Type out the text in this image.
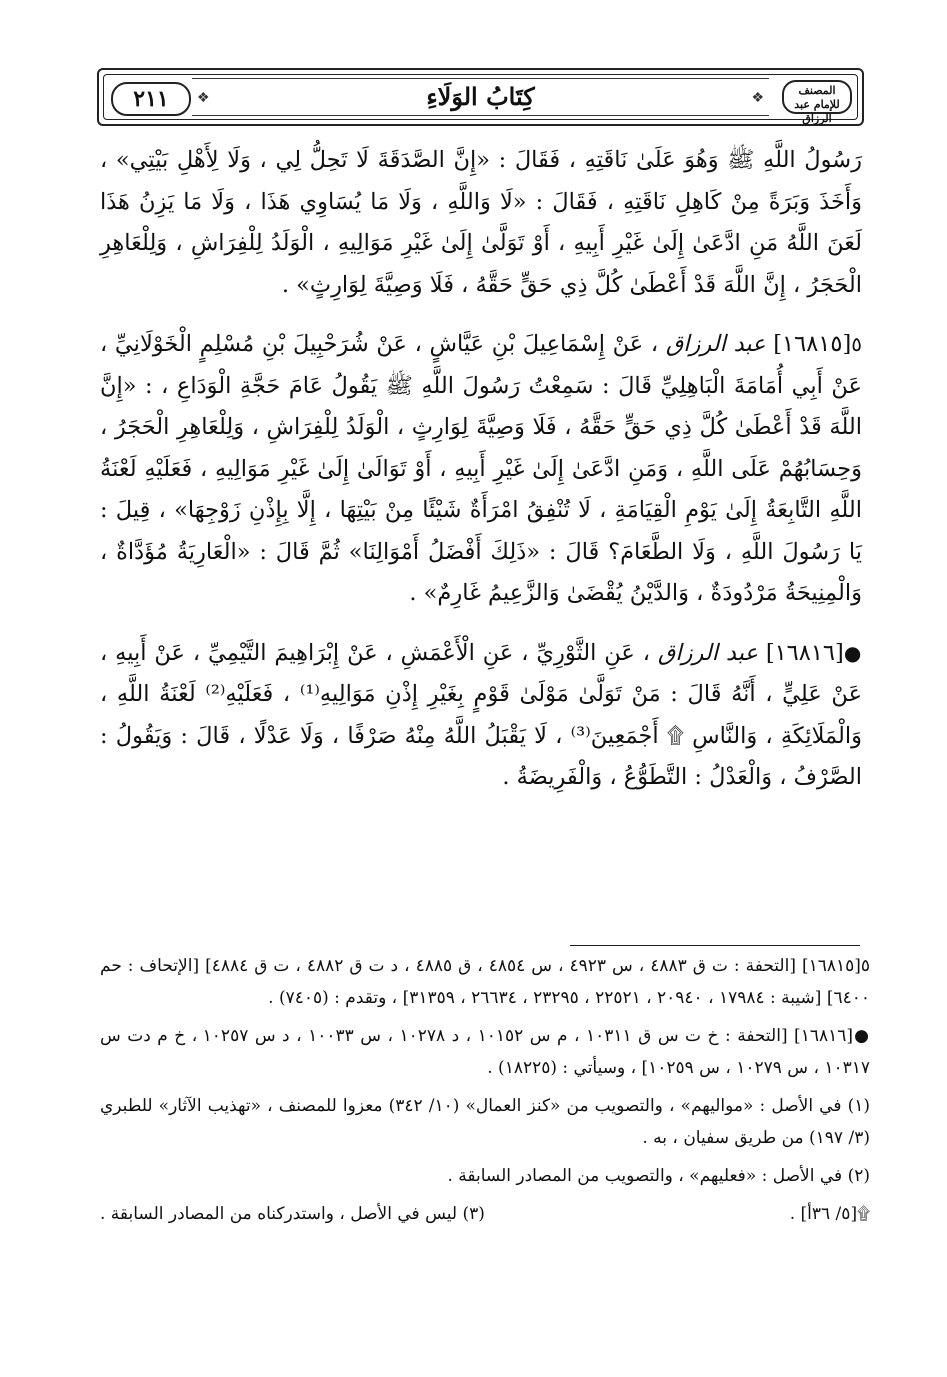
❖	❖
كِتَابُ الوَلَاءِ
٢١١	المصنف
للإمام عبد الرزاق

رَسُولُ اللَّهِ ﷺ وَهُوَ عَلَىٰ نَاقَتِهِ ، فَقَالَ : «إِنَّ الصَّدَقَةَ لَا تَحِلُّ لِي ، وَلَا لِأَهْلِ بَيْتِي» ، وَأَخَذَ وَبَرَةً مِنْ كَاهِلِ نَاقَتِهِ ، فَقَالَ : «لَا وَاللَّهِ ، وَلَا مَا يُسَاوِي هَذَا ، وَلَا مَا يَزِنُ هَذَا لَعَنَ اللَّهُ مَنِ ادَّعَىٰ إِلَىٰ غَيْرِ أَبِيهِ ، أَوْ تَوَلَّىٰ إِلَىٰ غَيْرِ مَوَالِيهِ ، الْوَلَدُ لِلْفِرَاشِ ، وَلِلْعَاهِرِ الْحَجَرُ ، إِنَّ اللَّهَ قَدْ أَعْطَىٰ كُلَّ ذِي حَقٍّ حَقَّهُ ، فَلَا وَصِيَّةَ لِوَارِثٍ» .

٥[١٦٨١٥] عبد الرزاق ، عَنْ إِسْمَاعِيلَ بْنِ عَيَّاشٍ ، عَنْ شُرَحْبِيلَ بْنِ مُسْلِمٍ الْخَوْلَانِيِّ ، عَنْ أَبِي أُمَامَةَ الْبَاهِلِيِّ قَالَ : سَمِعْتُ رَسُولَ اللَّهِ ﷺ يَقُولُ عَامَ حَجَّةِ الْوَدَاعِ ، : «إِنَّ اللَّهَ قَدْ أَعْطَىٰ كُلَّ ذِي حَقٍّ حَقَّهُ ، فَلَا وَصِيَّةَ لِوَارِثٍ ، الْوَلَدُ لِلْفِرَاشِ ، وَلِلْعَاهِرِ الْحَجَرُ ، وَحِسَابُهُمْ عَلَى اللَّهِ ، وَمَنِ ادَّعَىٰ إِلَىٰ غَيْرِ أَبِيهِ ، أَوْ تَوَالَىٰ إِلَىٰ غَيْرِ مَوَالِيهِ ، فَعَلَيْهِ لَعْنَةُ اللَّهِ التَّابِعَةُ إِلَىٰ يَوْمِ الْقِيَامَةِ ، لَا تُنْفِقُ امْرَأَةٌ شَيْئًا مِنْ بَيْتِهَا ، إِلَّا بِإِذْنِ زَوْجِهَا» ، قِيلَ : يَا رَسُولَ اللَّهِ ، وَلَا الطَّعَامَ؟ قَالَ : «ذَلِكَ أَفْضَلُ أَمْوَالِنَا» ثُمَّ قَالَ : «الْعَارِيَةُ مُؤَدَّاةٌ ، وَالْمِنِيحَةُ مَرْدُودَةٌ ، وَالدَّيْنُ يُقْضَىٰ وَالزَّعِيمُ غَارِمٌ» .

●[١٦٨١٦] عبد الرزاق ، عَنِ الثَّوْرِيِّ ، عَنِ الْأَعْمَشِ ، عَنْ إِبْرَاهِيمَ التَّيْمِيِّ ، عَنْ أَبِيهِ ، عَنْ عَلِيٍّ ، أَنَّهُ قَالَ : مَنْ تَوَلَّىٰ مَوْلَىٰ قَوْمٍ بِغَيْرِ إِذْنِ مَوَالِيهِ⁽¹⁾ ، فَعَلَيْهِ⁽²⁾ لَعْنَةُ اللَّهِ ، وَالْمَلَائِكَةِ ، وَالنَّاسِ ۩ أَجْمَعِينَ⁽³⁾ ، لَا يَقْبَلُ اللَّهُ مِنْهُ صَرْفًا ، وَلَا عَدْلًا ، قَالَ : وَيَقُولُ : الصَّرْفُ ، وَالْعَدْلُ : التَّطَوُّعُ ، وَالْفَرِيضَةُ .

٥[١٦٨١٥] [التحفة : ت ق ٤٨٨٣ ، س ٤٩٢٣ ، س ٤٨٥٤ ، ق ٤٨٨٥ ، د ت ق ٤٨٨٢ ، ت ق ٤٨٨٤] [الإتحاف : حم ٦٤٠٠] [شيبة : ١٧٩٨٤ ، ٢٠٩٤٠ ، ٢٢٥٢١ ، ٢٣٢٩٥ ، ٢٦٦٣٤ ، ٣١٣٥٩] ، وتقدم : (٧٤٠٥) .

●[١٦٨١٦] [التحفة : خ ت س ق ١٠٣١١ ، م س ١٠١٥٢ ، د ١٠٢٧٨ ، س ١٠٠٣٣ ، د س ١٠٢٥٧ ، خ م دت س ١٠٣١٧ ، س ١٠٢٧٩ ، س ١٠٢٥٩] ، وسيأتي : (١٨٢٢٥) .

(١) في الأصل : «مواليهم» ، والتصويب من «كنز العمال» (١٠/ ٣٤٢) معزوا للمصنف ، «تهذيب الآثار» للطبري (٣/ ١٩٧) من طريق سفيان ، به .

(٢) في الأصل : «فعليهم» ، والتصويب من المصادر السابقة .

۩[٥/ ٣٦أ] .
(٣) ليس في الأصل ، واستدركناه من المصادر السابقة .
